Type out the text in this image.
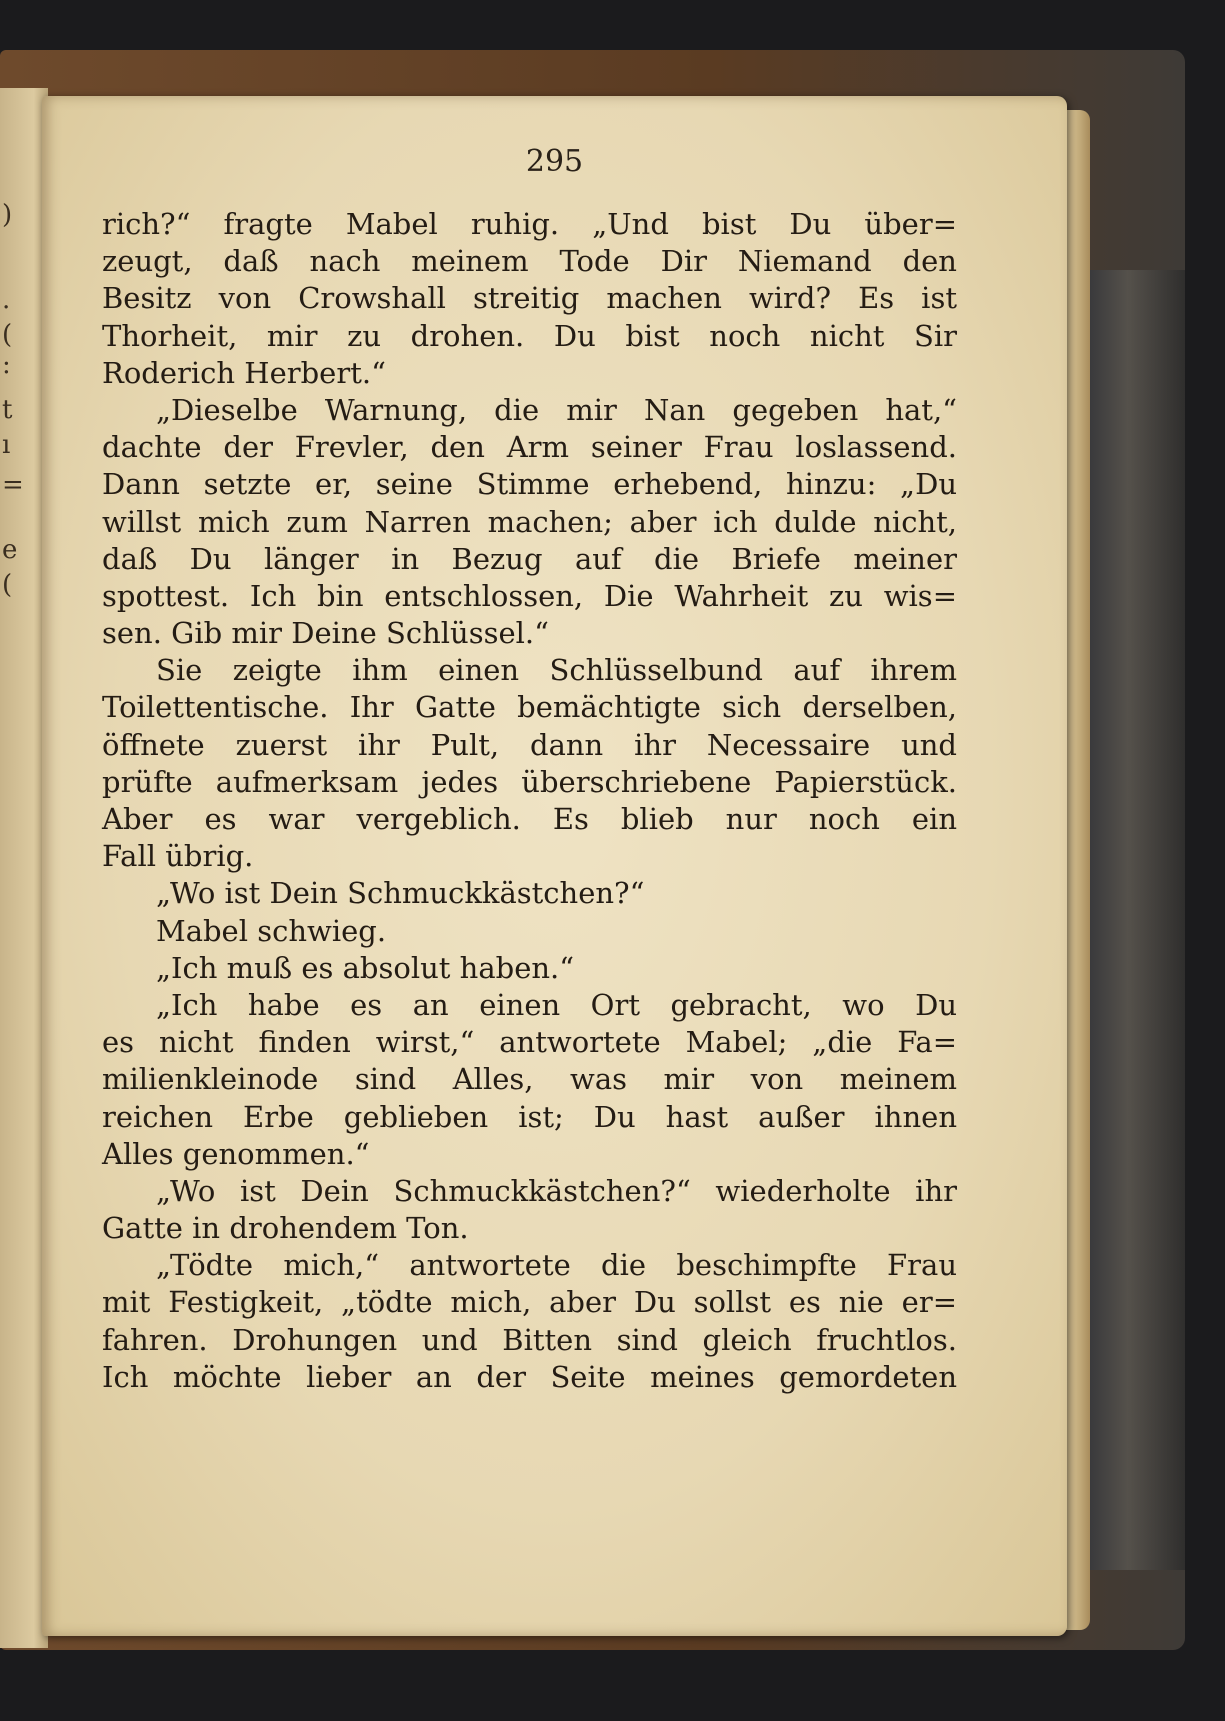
)
.
(
:
t
ı
=
e
(
295
rich?“ fragte Mabel ruhig. „Und bist Du über=
zeugt, daß nach meinem Tode Dir Niemand den
Besitz von Crowshall streitig machen wird? Es ist
Thorheit, mir zu drohen. Du bist noch nicht Sir
Roderich Herbert.“
„Dieselbe Warnung, die mir Nan gegeben hat,“
dachte der Frevler, den Arm seiner Frau loslassend.
Dann setzte er, seine Stimme erhebend, hinzu: „Du
willst mich zum Narren machen; aber ich dulde nicht,
daß Du länger in Bezug auf die Briefe meiner
spottest. Ich bin entschlossen, Die Wahrheit zu wis=
sen. Gib mir Deine Schlüssel.“
Sie zeigte ihm einen Schlüsselbund auf ihrem
Toilettentische. Ihr Gatte bemächtigte sich derselben,
öffnete zuerst ihr Pult, dann ihr Necessaire und
prüfte aufmerksam jedes überschriebene Papierstück.
Aber es war vergeblich. Es blieb nur noch ein
Fall übrig.
„Wo ist Dein Schmuckkästchen?“
Mabel schwieg.
„Ich muß es absolut haben.“
„Ich habe es an einen Ort gebracht, wo Du
es nicht finden wirst,“ antwortete Mabel; „die Fa=
milienkleinode sind Alles, was mir von meinem
reichen Erbe geblieben ist; Du hast außer ihnen
Alles genommen.“
„Wo ist Dein Schmuckkästchen?“ wiederholte ihr
Gatte in drohendem Ton.
„Tödte mich,“ antwortete die beschimpfte Frau
mit Festigkeit, „tödte mich, aber Du sollst es nie er=
fahren. Drohungen und Bitten sind gleich fruchtlos.
Ich möchte lieber an der Seite meines gemordeten
